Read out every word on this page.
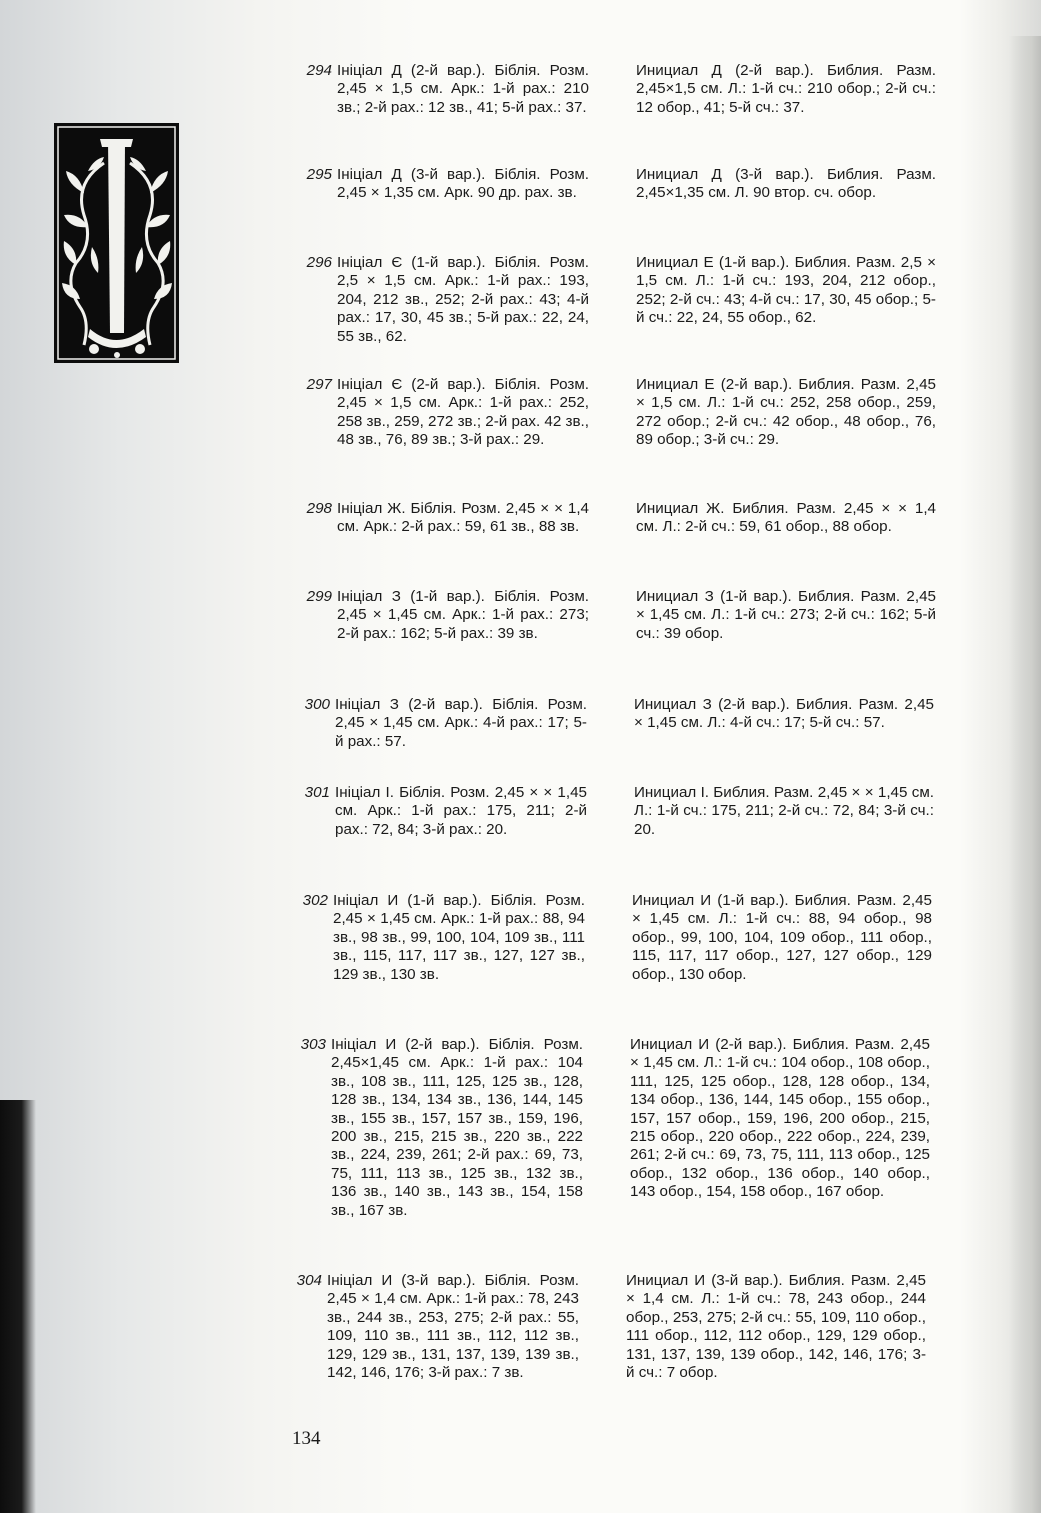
294 Ініціал Д (2-й вар.). Біблія. Розм. 2,45 × 1,5 см. Арк.: 1-й рах.: 210 зв.; 2-й рах.: 12 зв., 41; 5-й рах.: 37.
Инициал Д (2-й вар.). Библия. Разм. 2,45×1,5 см. Л.: 1-й сч.: 210 обор.; 2-й сч.: 12 обор., 41; 5-й сч.: 37.
295 Ініціал Д (3-й вар.). Біблія. Розм. 2,45 × 1,35 см. Арк. 90 др. рах. зв.
Инициал Д (3-й вар.). Библия. Разм. 2,45×1,35 см. Л. 90 втор. сч. обор.
296 Ініціал Є (1-й вар.). Біблія. Розм. 2,5 × 1,5 см. Арк.: 1-й рах.: 193, 204, 212 зв., 252; 2-й рах.: 43; 4-й рах.: 17, 30, 45 зв.; 5-й рах.: 22, 24, 55 зв., 62.
Инициал Е (1-й вар.). Библия. Разм. 2,5 × 1,5 см. Л.: 1-й сч.: 193, 204, 212 обор., 252; 2-й сч.: 43; 4-й сч.: 17, 30, 45 обор.; 5-й сч.: 22, 24, 55 обор., 62.
297 Ініціал Є (2-й вар.). Біблія. Розм. 2,45 × 1,5 см. Арк.: 1-й рах.: 252, 258 зв., 259, 272 зв.; 2-й рах. 42 зв., 48 зв., 76, 89 зв.; 3-й рах.: 29.
Инициал Е (2-й вар.). Библия. Разм. 2,45 × 1,5 см. Л.: 1-й сч.: 252, 258 обор., 259, 272 обор.; 2-й сч.: 42 обор., 48 обор., 76, 89 обор.; 3-й сч.: 29.
298 Ініціал Ж. Біблія. Розм. 2,45 × × 1,4 см. Арк.: 2-й рах.: 59, 61 зв., 88 зв.
Инициал Ж. Библия. Разм. 2,45 × × 1,4 см. Л.: 2-й сч.: 59, 61 обор., 88 обор.
299 Ініціал З (1-й вар.). Біблія. Розм. 2,45 × 1,45 см. Арк.: 1-й рах.: 273; 2-й рах.: 162; 5-й рах.: 39 зв.
Инициал З (1-й вар.). Библия. Разм. 2,45 × 1,45 см. Л.: 1-й сч.: 273; 2-й сч.: 162; 5-й сч.: 39 обор.
300 Ініціал З (2-й вар.). Біблія. Розм. 2,45 × 1,45 см. Арк.: 4-й рах.: 17; 5-й рах.: 57.
Инициал З (2-й вар.). Библия. Разм. 2,45 × 1,45 см. Л.: 4-й сч.: 17; 5-й сч.: 57.
301 Ініціал І. Біблія. Розм. 2,45 × × 1,45 см. Арк.: 1-й рах.: 175, 211; 2-й рах.: 72, 84; 3-й рах.: 20.
Инициал І. Библия. Разм. 2,45 × × 1,45 см. Л.: 1-й сч.: 175, 211; 2-й сч.: 72, 84; 3-й сч.: 20.
302 Ініціал И (1-й вар.). Біблія. Розм. 2,45 × 1,45 см. Арк.: 1-й рах.: 88, 94 зв., 98 зв., 99, 100, 104, 109 зв., 111 зв., 115, 117, 117 зв., 127, 127 зв., 129 зв., 130 зв.
Инициал И (1-й вар.). Библия. Разм. 2,45 × 1,45 см. Л.: 1-й сч.: 88, 94 обор., 98 обор., 99, 100, 104, 109 обор., 111 обор., 115, 117, 117 обор., 127, 127 обор., 129 обор., 130 обор.
303 Ініціал И (2-й вар.). Біблія. Розм. 2,45×1,45 см. Арк.: 1-й рах.: 104 зв., 108 зв., 111, 125, 125 зв., 128, 128 зв., 134, 134 зв., 136, 144, 145 зв., 155 зв., 157, 157 зв., 159, 196, 200 зв., 215, 215 зв., 220 зв., 222 зв., 224, 239, 261; 2-й рах.: 69, 73, 75, 111, 113 зв., 125 зв., 132 зв., 136 зв., 140 зв., 143 зв., 154, 158 зв., 167 зв.
Инициал И (2-й вар.). Библия. Разм. 2,45 × 1,45 см. Л.: 1-й сч.: 104 обор., 108 обор., 111, 125, 125 обор., 128, 128 обор., 134, 134 обор., 136, 144, 145 обор., 155 обор., 157, 157 обор., 159, 196, 200 обор., 215, 215 обор., 220 обор., 222 обор., 224, 239, 261; 2-й сч.: 69, 73, 75, 111, 113 обор., 125 обор., 132 обор., 136 обор., 140 обор., 143 обор., 154, 158 обор., 167 обор.
304 Ініціал И (3-й вар.). Біблія. Розм. 2,45 × 1,4 см. Арк.: 1-й рах.: 78, 243 зв., 244 зв., 253, 275; 2-й рах.: 55, 109, 110 зв., 111 зв., 112, 112 зв., 129, 129 зв., 131, 137, 139, 139 зв., 142, 146, 176; 3-й рах.: 7 зв.
Инициал И (3-й вар.). Библия. Разм. 2,45 × 1,4 см. Л.: 1-й сч.: 78, 243 обор., 244 обор., 253, 275; 2-й сч.: 55, 109, 110 обор., 111 обор., 112, 112 обор., 129, 129 обор., 131, 137, 139, 139 обор., 142, 146, 176; 3-й сч.: 7 обор.
134
